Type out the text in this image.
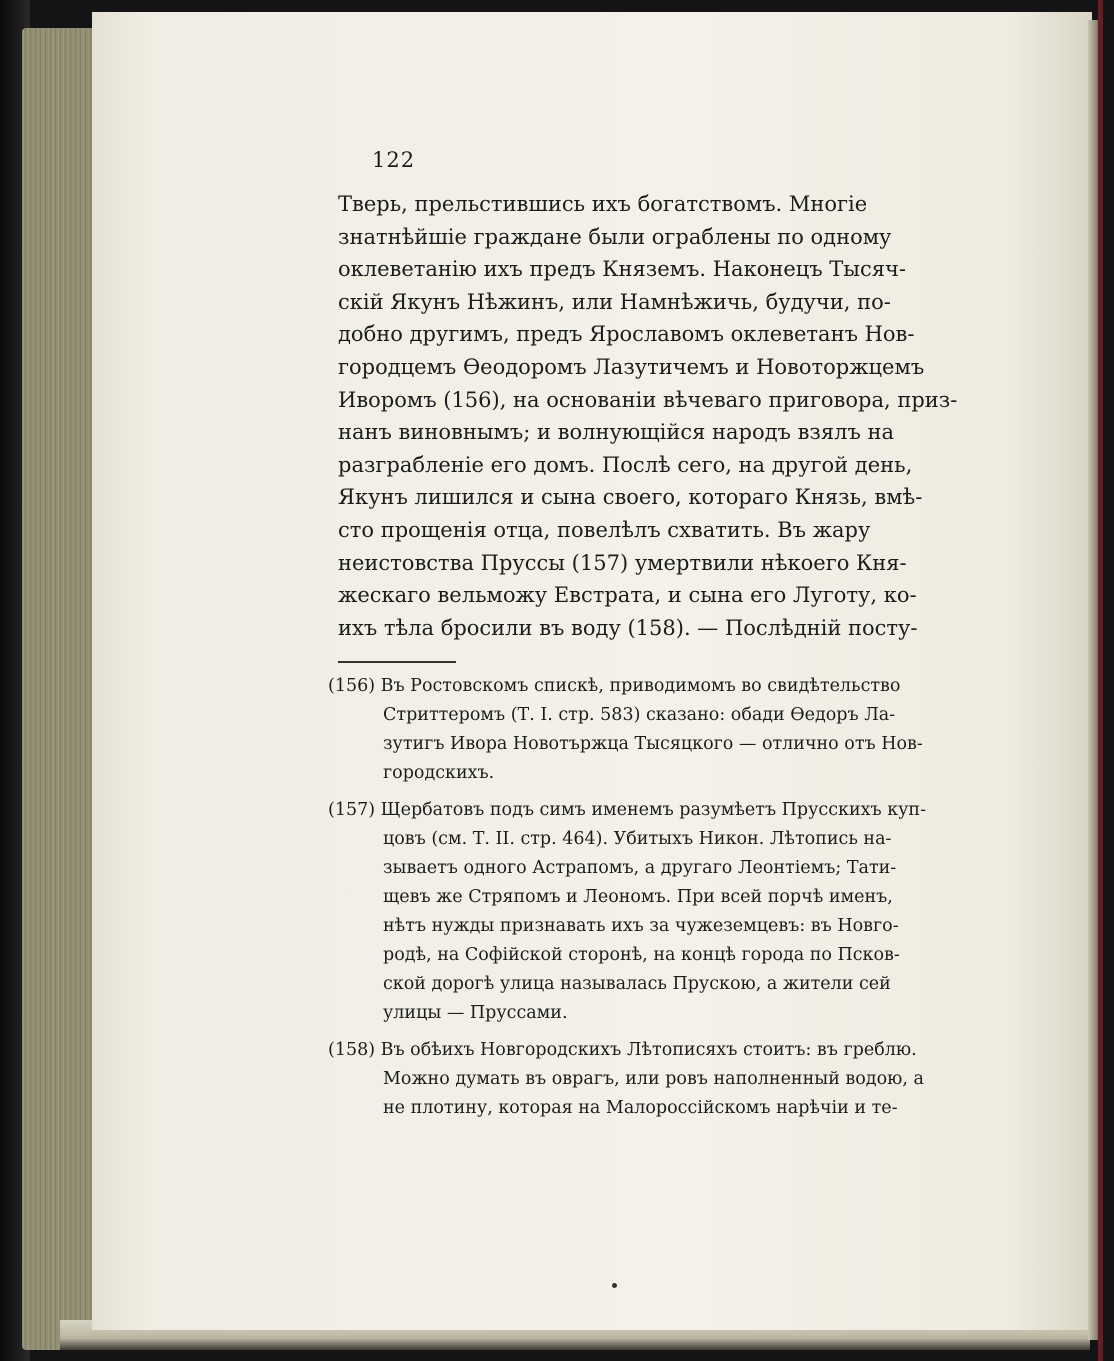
122
Тверь, прельстившись ихъ богатствомъ. Многіе
знатнѣйшіе граждане были ограблены по одному
оклеветанію ихъ предъ Княземъ. Наконецъ Тысяч-
скій Якунъ Нѣжинъ, или Намнѣжичь, будучи, по-
добно другимъ, предъ Ярославомъ оклеветанъ Нов-
городцемъ Ѳеодоромъ Лазутичемъ и Новоторжцемъ
Иворомъ (156), на основаніи вѣчеваго приговора, приз-
нанъ виновнымъ; и волнующійся народъ взялъ на
разграбленіе его домъ. Послѣ сего, на другой день,
Якунъ лишился и сына своего, котораго Князь, вмѣ-
сто прощенія отца, повелѣлъ схватить. Въ жару
неистовства Пруссы (157) умертвили нѣкоего Кня-
жескаго вельможу Евстрата, и сына его Луготу, ко-
ихъ тѣла бросили въ воду (158). — Послѣдній посту-
(156) Въ Ростовскомъ спискѣ, приводимомъ во свидѣтельство
Стриттеромъ (Т. I. стр. 583) сказано: обади Ѳедоръ Ла-
зутигъ Ивора Новотържца Тысяцкого — отлично отъ Нов-
городскихъ.
(157) Щербатовъ подъ симъ именемъ разумѣетъ Прусскихъ куп-
цовъ (см. Т. II. стр. 464). Убитыхъ Никон. Лѣтопись на-
зываетъ одного Астрапомъ, а другаго Леонтіемъ; Тати-
щевъ же Стряпомъ и Леономъ. При всей порчѣ именъ,
нѣтъ нужды признавать ихъ за чужеземцевъ: въ Новго-
родѣ, на Софійской сторонѣ, на концѣ города по Псков-
ской дорогѣ улица называлась Прускою, а жители сей
улицы — Пруссами.
(158) Въ обѣихъ Новгородскихъ Лѣтописяхъ стоитъ: въ греблю.
Можно думать въ оврагъ, или ровъ наполненный водою, а
не плотину, которая на Малороссійскомъ нарѣчіи и те-
